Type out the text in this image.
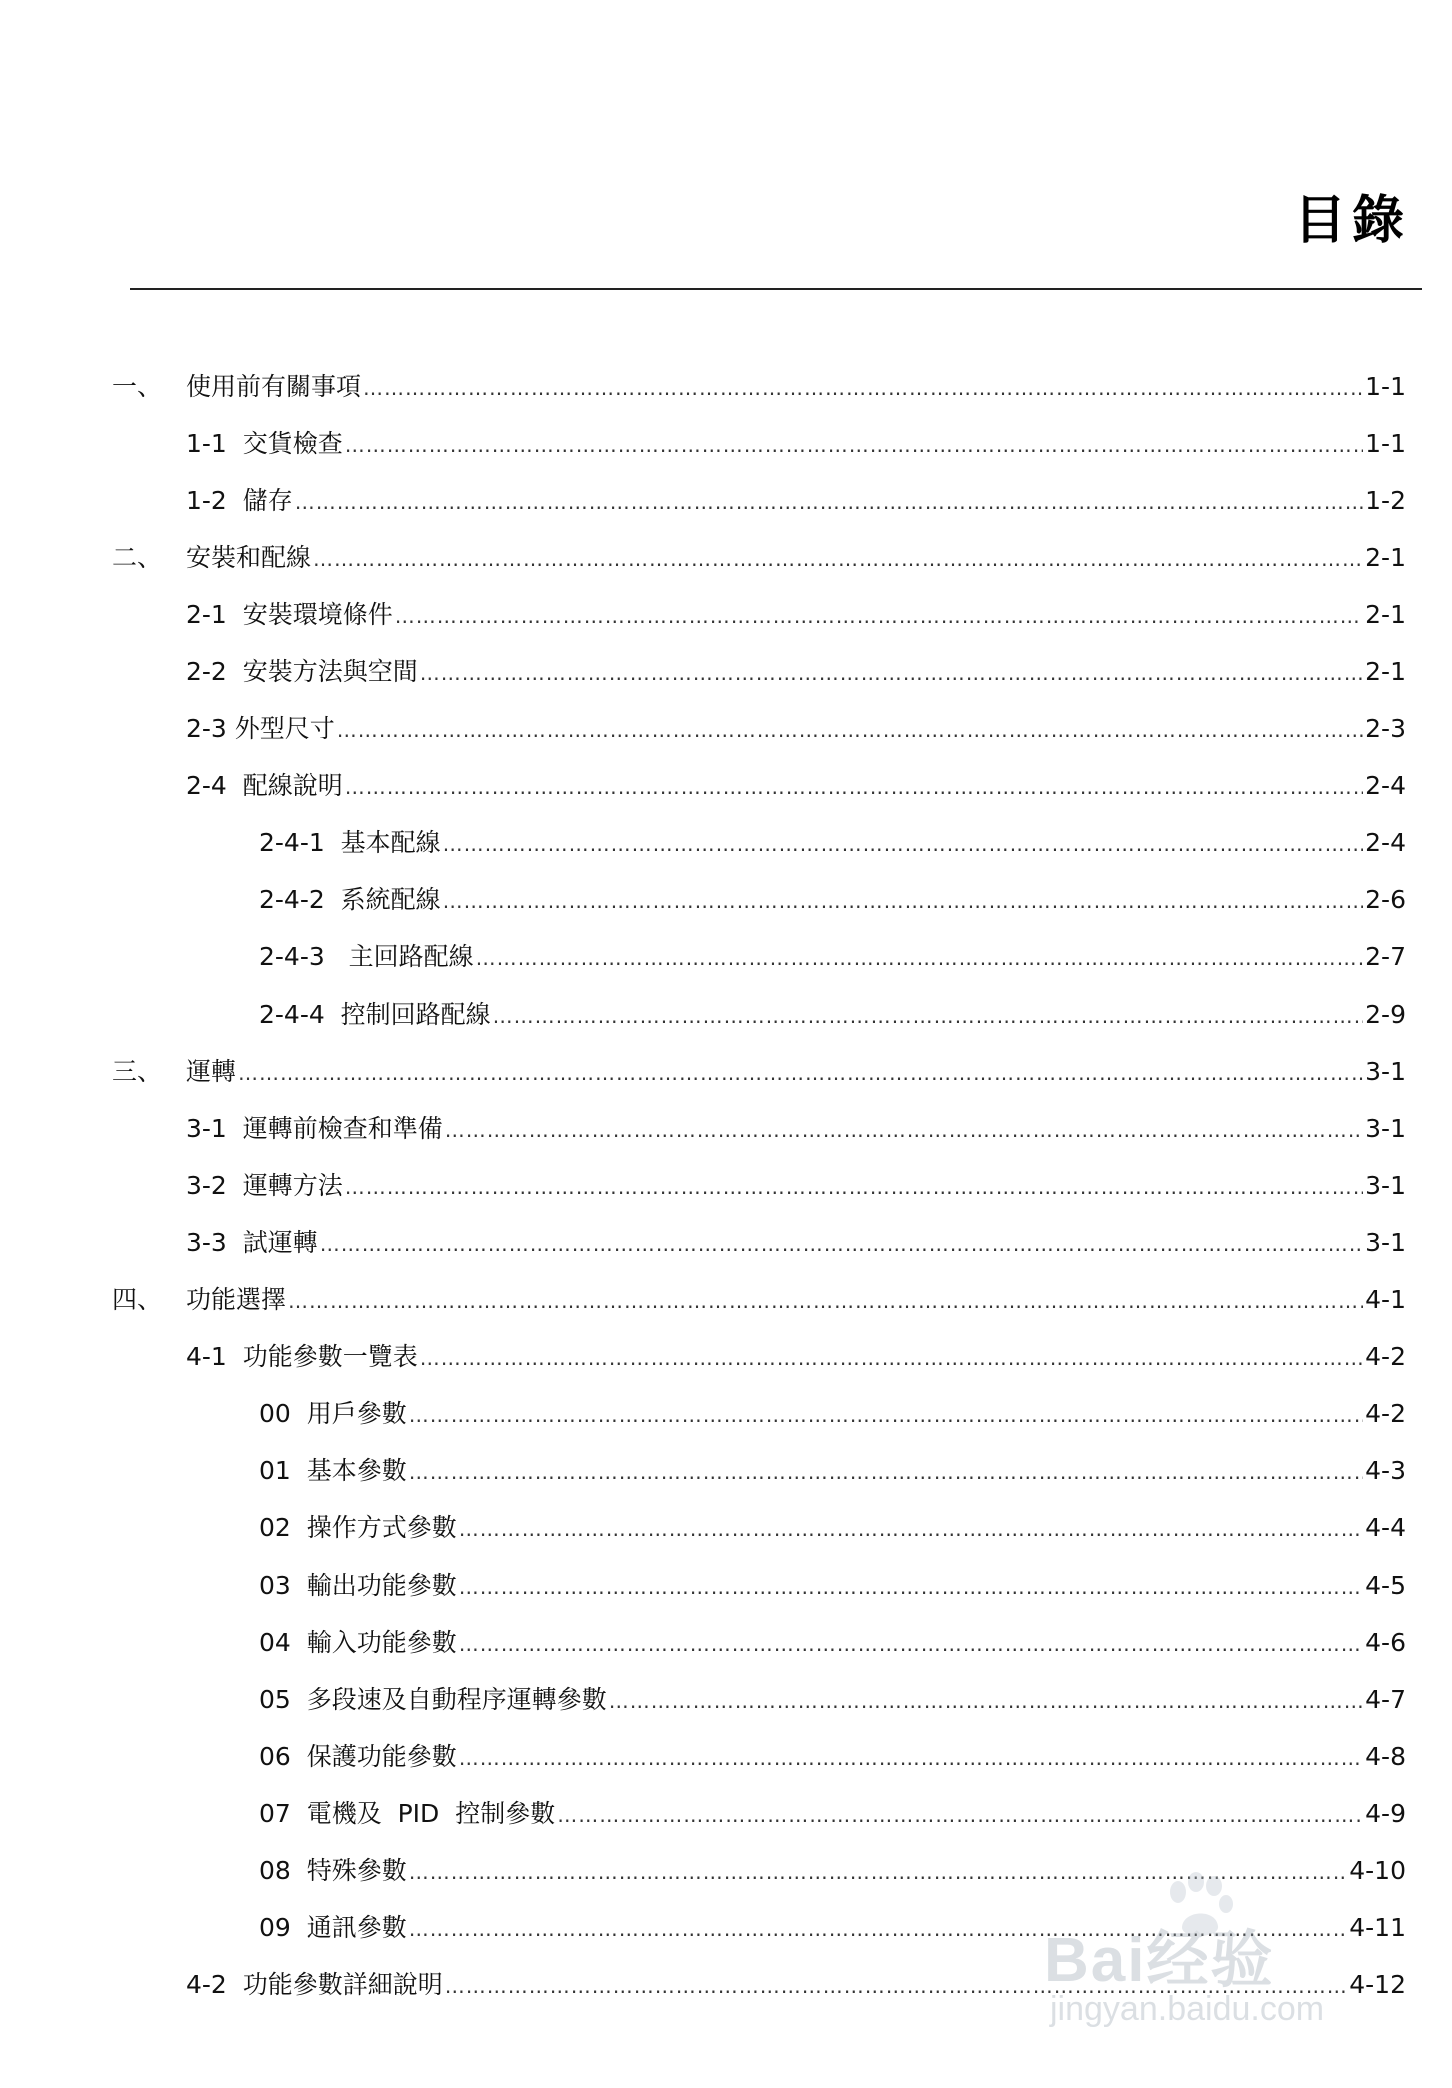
目錄
一、 使用前有關事項 …………………………………………………………………………………………………………………………………………………………………………………………………………………………	1-1
1-1  交貨檢查 …………………………………………………………………………………………………………………………………………………………………………………………………………………………	1-1
1-2  儲存 …………………………………………………………………………………………………………………………………………………………………………………………………………………………	1-2
二、 安裝和配線 …………………………………………………………………………………………………………………………………………………………………………………………………………………………	2-1
2-1  安裝環境條件 …………………………………………………………………………………………………………………………………………………………………………………………………………………………	2-1
2-2  安裝方法與空間 …………………………………………………………………………………………………………………………………………………………………………………………………………………………	2-1
2-3 外型尺寸 …………………………………………………………………………………………………………………………………………………………………………………………………………………………	2-3
2-4  配線說明 …………………………………………………………………………………………………………………………………………………………………………………………………………………………	2-4
2-4-1  基本配線 …………………………………………………………………………………………………………………………………………………………………………………………………………………………	2-4
2-4-2  系統配線 …………………………………………………………………………………………………………………………………………………………………………………………………………………………	2-6
2-4-3   主回路配線 …………………………………………………………………………………………………………………………………………………………………………………………………………………………	2-7
2-4-4  控制回路配線 …………………………………………………………………………………………………………………………………………………………………………………………………………………………	2-9
三、 運轉 …………………………………………………………………………………………………………………………………………………………………………………………………………………………	3-1
3-1  運轉前檢查和準備 …………………………………………………………………………………………………………………………………………………………………………………………………………………………	3-1
3-2  運轉方法 …………………………………………………………………………………………………………………………………………………………………………………………………………………………	3-1
3-3  試運轉 …………………………………………………………………………………………………………………………………………………………………………………………………………………………	3-1
四、 功能選擇 …………………………………………………………………………………………………………………………………………………………………………………………………………………………	4-1
4-1  功能參數一覽表 …………………………………………………………………………………………………………………………………………………………………………………………………………………………	4-2
00  用戶參數 …………………………………………………………………………………………………………………………………………………………………………………………………………………………	4-2
01  基本參數 …………………………………………………………………………………………………………………………………………………………………………………………………………………………	4-3
02  操作方式參數 …………………………………………………………………………………………………………………………………………………………………………………………………………………………	4-4
03  輸出功能參數 …………………………………………………………………………………………………………………………………………………………………………………………………………………………	4-5
04  輸入功能參數 …………………………………………………………………………………………………………………………………………………………………………………………………………………………	4-6
05  多段速及自動程序運轉參數 …………………………………………………………………………………………………………………………………………………………………………………………………………………………	4-7
06  保護功能參數 …………………………………………………………………………………………………………………………………………………………………………………………………………………………	4-8
07  電機及  PID  控制參數 …………………………………………………………………………………………………………………………………………………………………………………………………………………………	4-9
08  特殊參數 …………………………………………………………………………………………………………………………………………………………………………………………………………………………	4-10
09  通訊參數 …………………………………………………………………………………………………………………………………………………………………………………………………………………………	4-11
4-2  功能參數詳細說明 …………………………………………………………………………………………………………………………………………………………………………………………………………………………	4-12
Bai经验
jingyan.baidu.com
